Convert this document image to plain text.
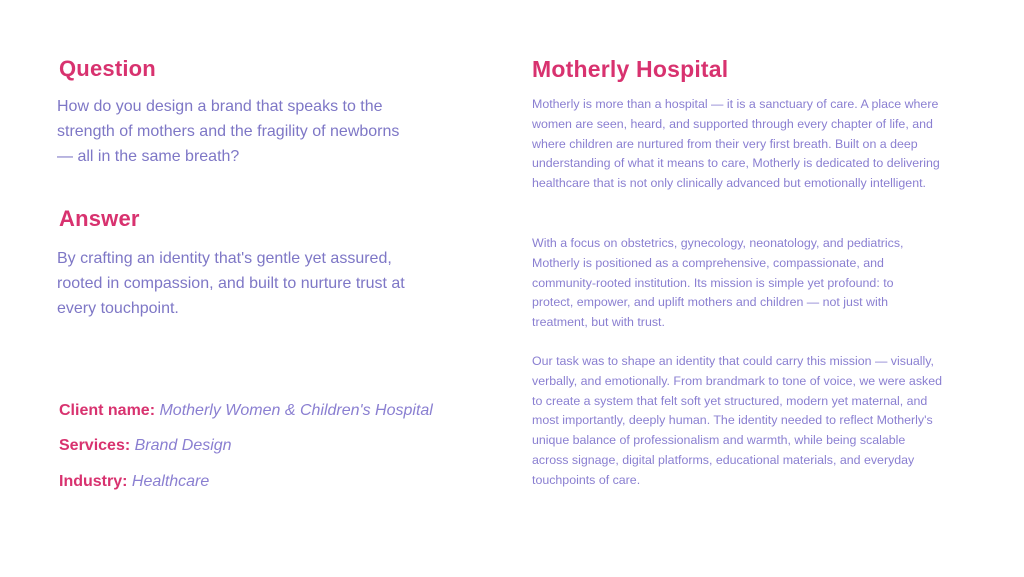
Question

How do you design a brand that speaks to the strength of mothers and the fragility of newborns — all in the same breath?

Answer

By crafting an identity that's gentle yet assured, rooted in compassion, and built to nurture trust at every touchpoint.

Client name: Motherly Women & Children's Hospital

Services: Brand Design

Industry: Healthcare

Motherly Hospital

Motherly is more than a hospital — it is a sanctuary of care. A place where women are seen, heard, and supported through every chapter of life, and where children are nurtured from their very first breath. Built on a deep understanding of what it means to care, Motherly is dedicated to delivering healthcare that is not only clinically advanced but emotionally intelligent.

With a focus on obstetrics, gynecology, neonatology, and pediatrics, Motherly is positioned as a comprehensive, compassionate, and community-rooted institution. Its mission is simple yet profound: to protect, empower, and uplift mothers and children — not just with treatment, but with trust.

Our task was to shape an identity that could carry this mission — visually, verbally, and emotionally. From brandmark to tone of voice, we were asked to create a system that felt soft yet structured, modern yet maternal, and most importantly, deeply human. The identity needed to reflect Motherly's unique balance of professionalism and warmth, while being scalable across signage, digital platforms, educational materials, and everyday touchpoints of care.
